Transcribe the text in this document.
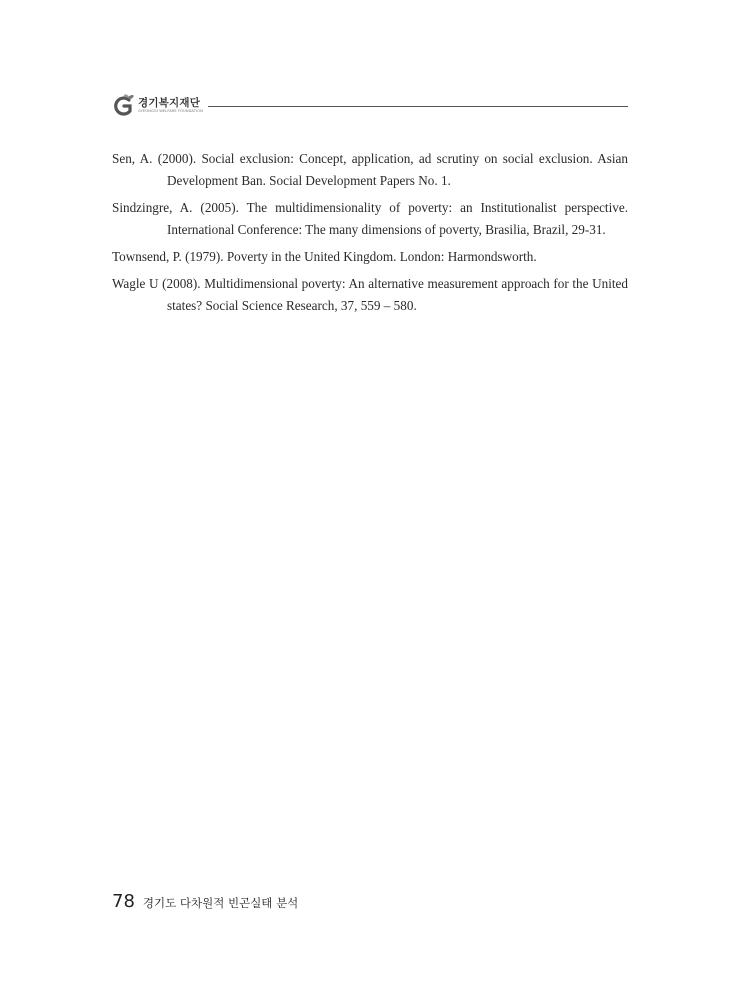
경기복지재단
GYEONGGI WELFARE FOUNDATION

Sen, A. (2000). Social exclusion: Concept, application, ad scrutiny on social exclusion. Asian Development Ban. Social Development Papers No. 1.

Sindzingre, A. (2005). The multidimensionality of poverty: an Institutionalist perspective. International Conference: The many dimensions of poverty, Brasilia, Brazil, 29-31.

Townsend, P. (1979). Poverty in the United Kingdom. London: Harmondsworth.

Wagle U (2008). Multidimensional poverty: An alternative measurement approach for the United states? Social Science Research, 37, 559 – 580.

78 경기도 다차원적 빈곤실태 분석
